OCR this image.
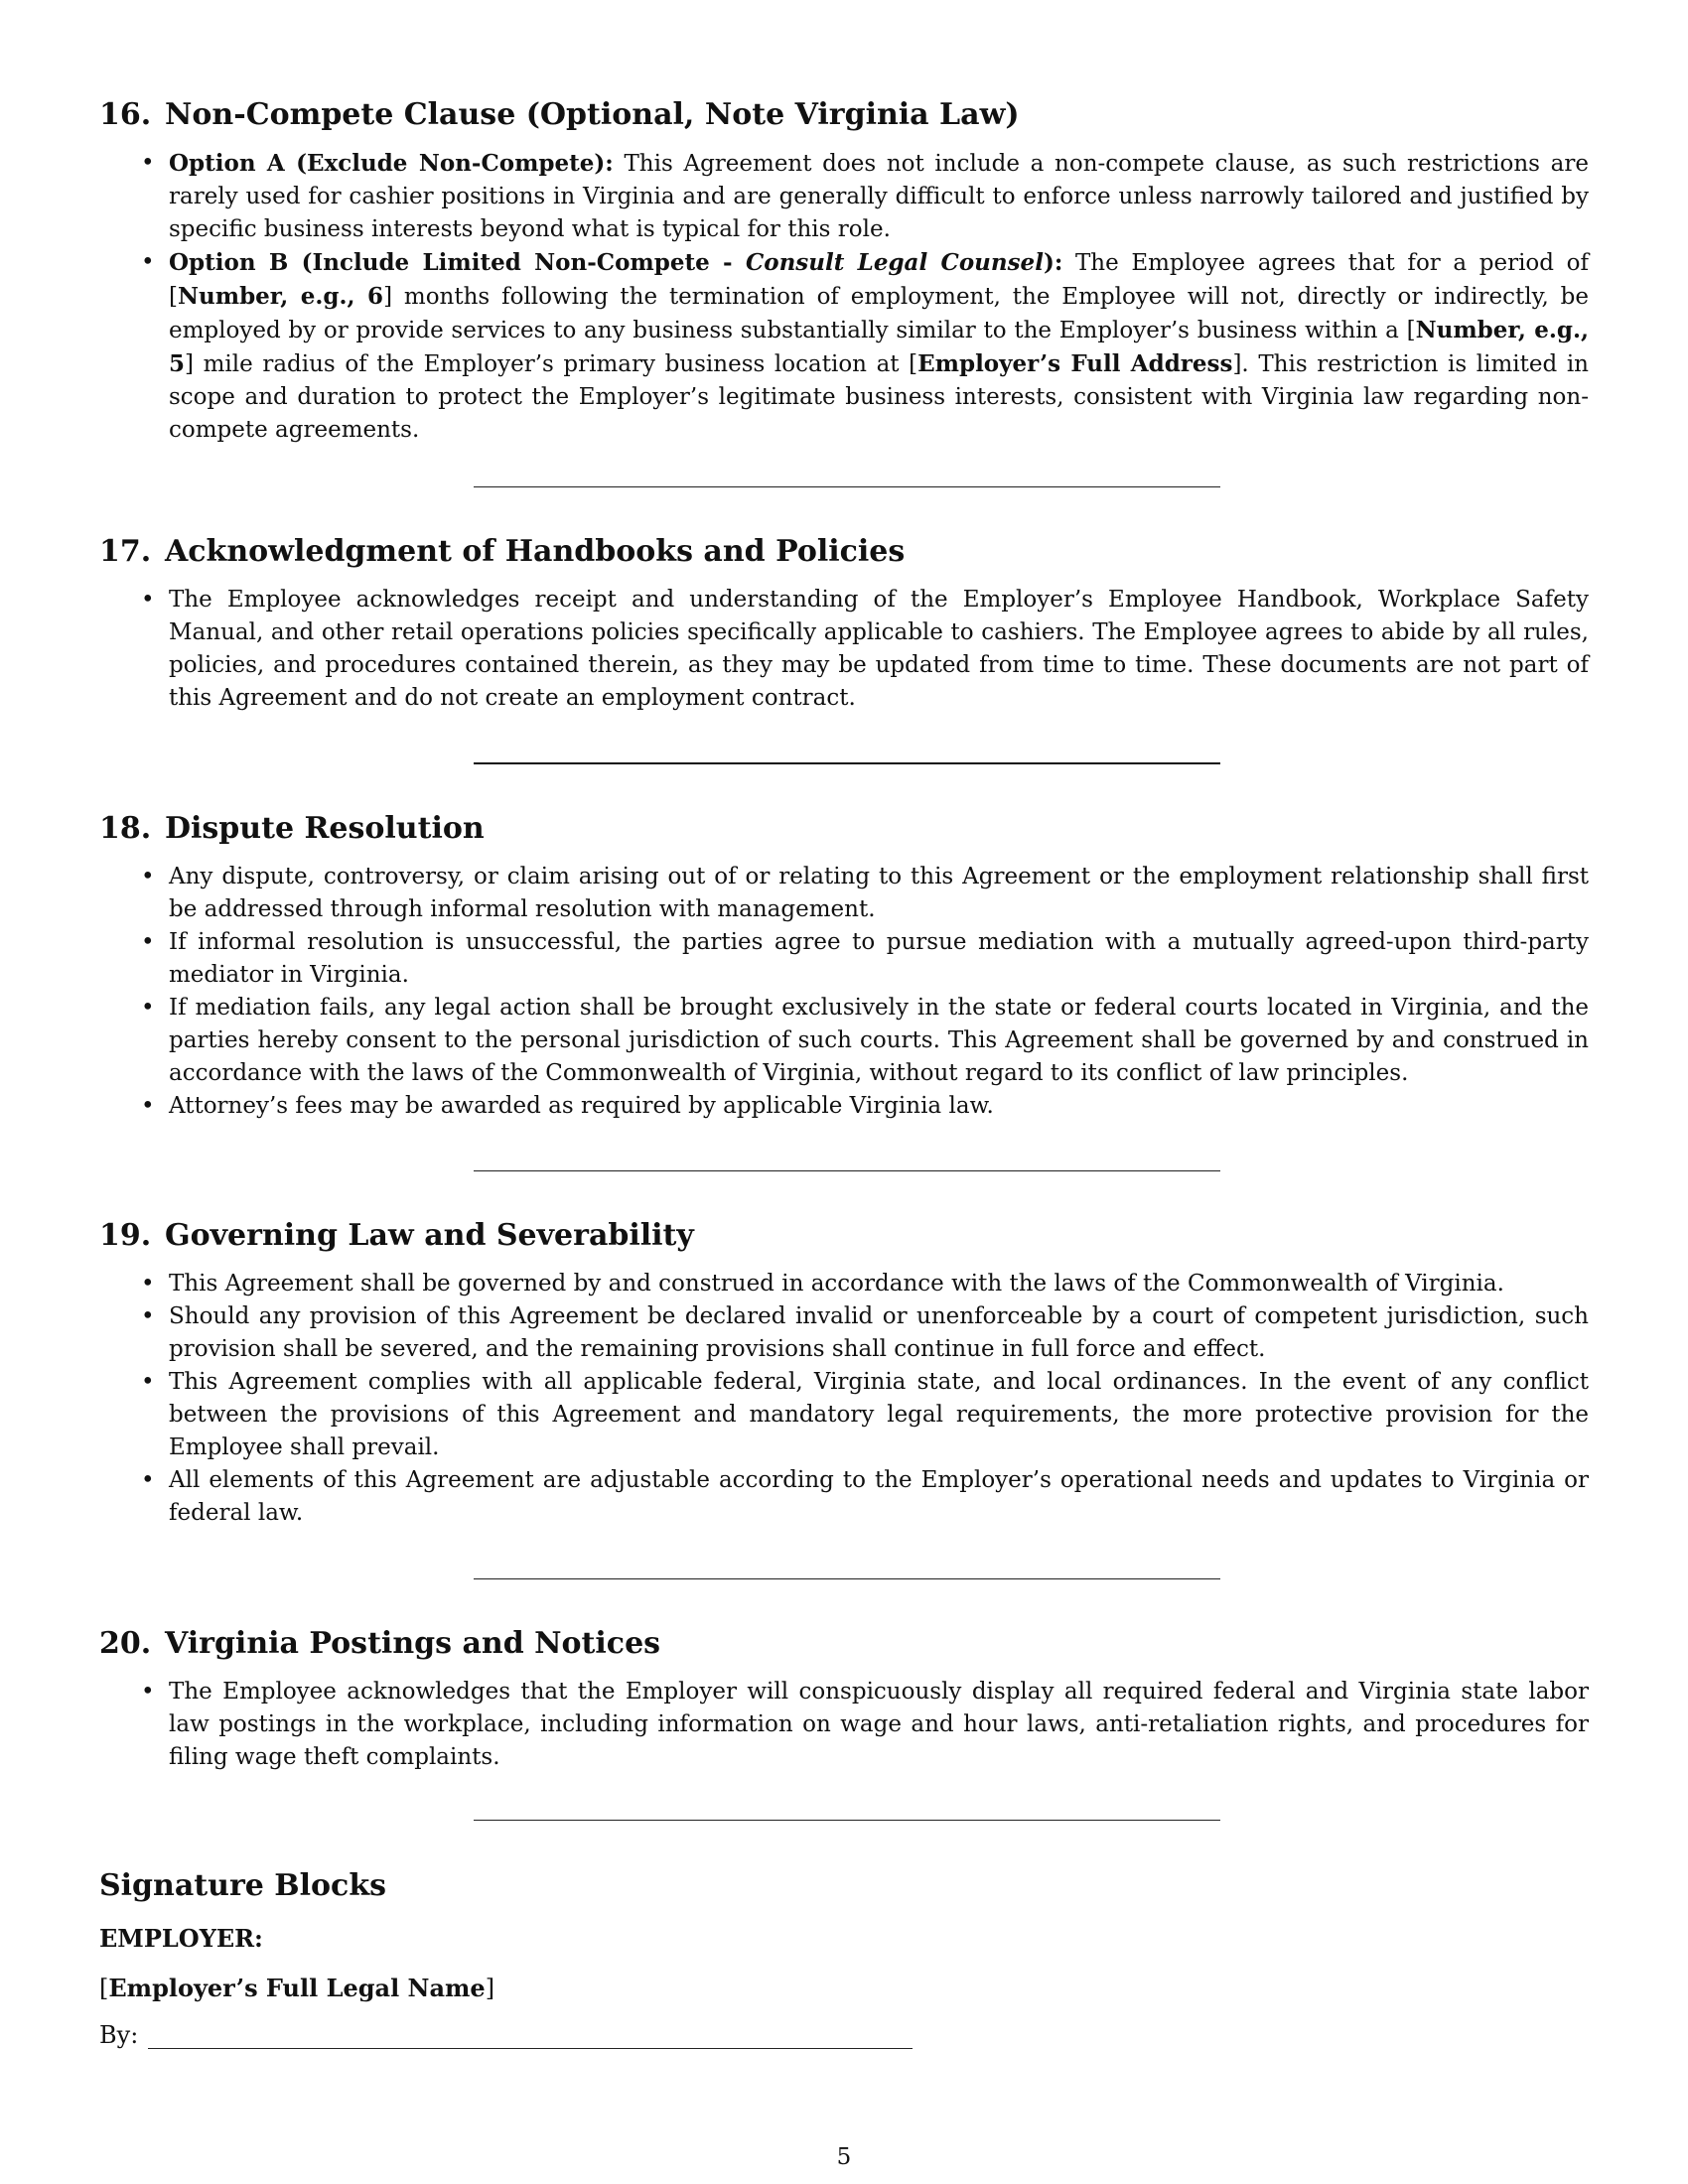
16. Non-Compete Clause (Optional, Note Virginia Law)
• Option A (Exclude Non-Compete): This Agreement does not include a non-compete clause, as such restrictions are rarely used for cashier positions in Virginia and are generally difficult to enforce unless narrowly tailored and justified by specific business interests beyond what is typical for this role.
• Option B (Include Limited Non-Compete - Consult Legal Counsel): The Employee agrees that for a period of [Number, e.g., 6] months following the termination of employment, the Employee will not, directly or indirectly, be employed by or provide services to any business substantially similar to the Employer’s business within a [Number, e.g., 5] mile radius of the Employer’s primary business location at [Employer’s Full Address]. This restriction is limited in scope and duration to protect the Employer’s legitimate business interests, consistent with Virginia law regarding non-compete agreements.
17. Acknowledgment of Handbooks and Policies
• The Employee acknowledges receipt and understanding of the Employer’s Employee Handbook, Workplace Safety Manual, and other retail operations policies specifically applicable to cashiers. The Employee agrees to abide by all rules, policies, and procedures contained therein, as they may be updated from time to time. These documents are not part of this Agreement and do not create an employment contract.
18. Dispute Resolution
• Any dispute, controversy, or claim arising out of or relating to this Agreement or the employment relationship shall first be addressed through informal resolution with management.
• If informal resolution is unsuccessful, the parties agree to pursue mediation with a mutually agreed-upon third-party mediator in Virginia.
• If mediation fails, any legal action shall be brought exclusively in the state or federal courts located in Virginia, and the parties hereby consent to the personal jurisdiction of such courts. This Agreement shall be governed by and construed in accordance with the laws of the Commonwealth of Virginia, without regard to its conflict of law principles.
• Attorney’s fees may be awarded as required by applicable Virginia law.
19. Governing Law and Severability
• This Agreement shall be governed by and construed in accordance with the laws of the Commonwealth of Virginia.
• Should any provision of this Agreement be declared invalid or unenforceable by a court of competent jurisdiction, such provision shall be severed, and the remaining provisions shall continue in full force and effect.
• This Agreement complies with all applicable federal, Virginia state, and local ordinances. In the event of any conflict between the provisions of this Agreement and mandatory legal requirements, the more protective provision for the Employee shall prevail.
• All elements of this Agreement are adjustable according to the Employer’s operational needs and updates to Virginia or federal law.
20. Virginia Postings and Notices
• The Employee acknowledges that the Employer will conspicuously display all required federal and Virginia state labor law postings in the workplace, including information on wage and hour laws, anti-retaliation rights, and procedures for filing wage theft complaints.
Signature Blocks
EMPLOYER:
[Employer’s Full Legal Name]
By:
5
